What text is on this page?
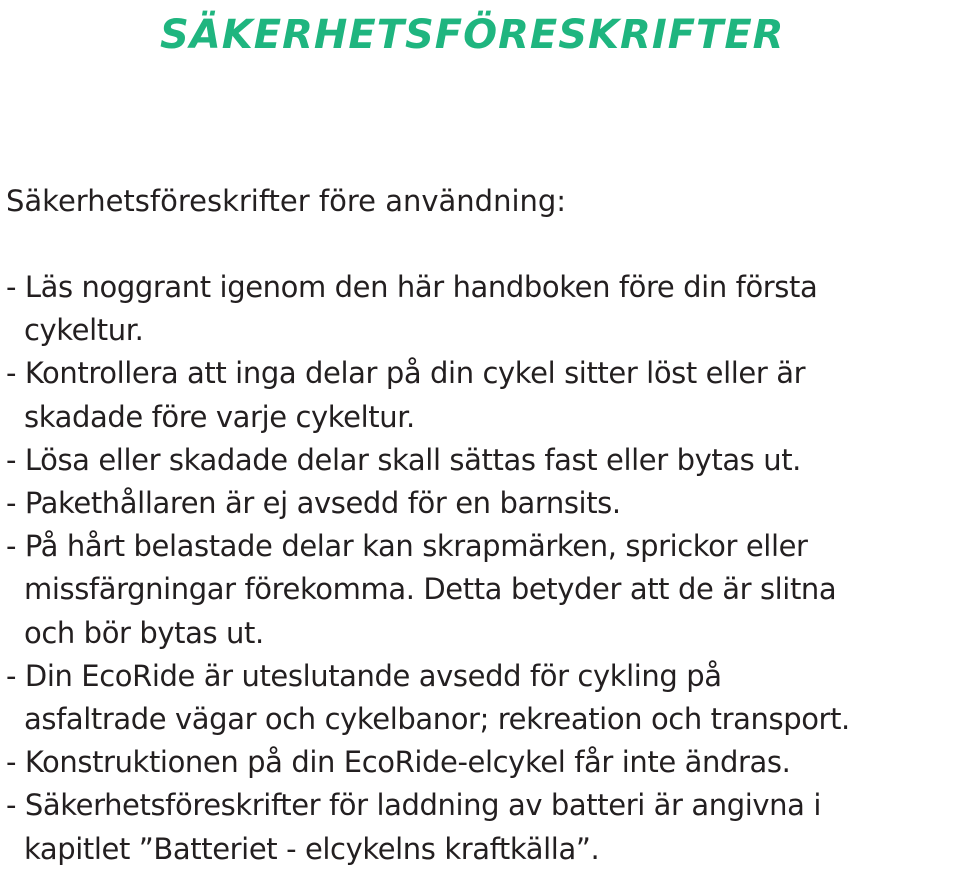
SÄKERHETSFÖRESKRIFTER

Säkerhetsföreskrifter före användning:

- Läs noggrant igenom den här handboken före din första
cykeltur.
- Kontrollera att inga delar på din cykel sitter löst eller är
skadade före varje cykeltur.
- Lösa eller skadade delar skall sättas fast eller bytas ut.
- Pakethållaren är ej avsedd för en barnsits.
- På hårt belastade delar kan skrapmärken, sprickor eller
missfärgningar förekomma. Detta betyder att de är slitna
och bör bytas ut.
- Din EcoRide är uteslutande avsedd för cykling på
asfaltrade vägar och cykelbanor; rekreation och transport.
- Konstruktionen på din EcoRide-elcykel får inte ändras.
- Säkerhetsföreskrifter för laddning av batteri är angivna i
kapitlet ”Batteriet - elcykelns kraftkälla”.
